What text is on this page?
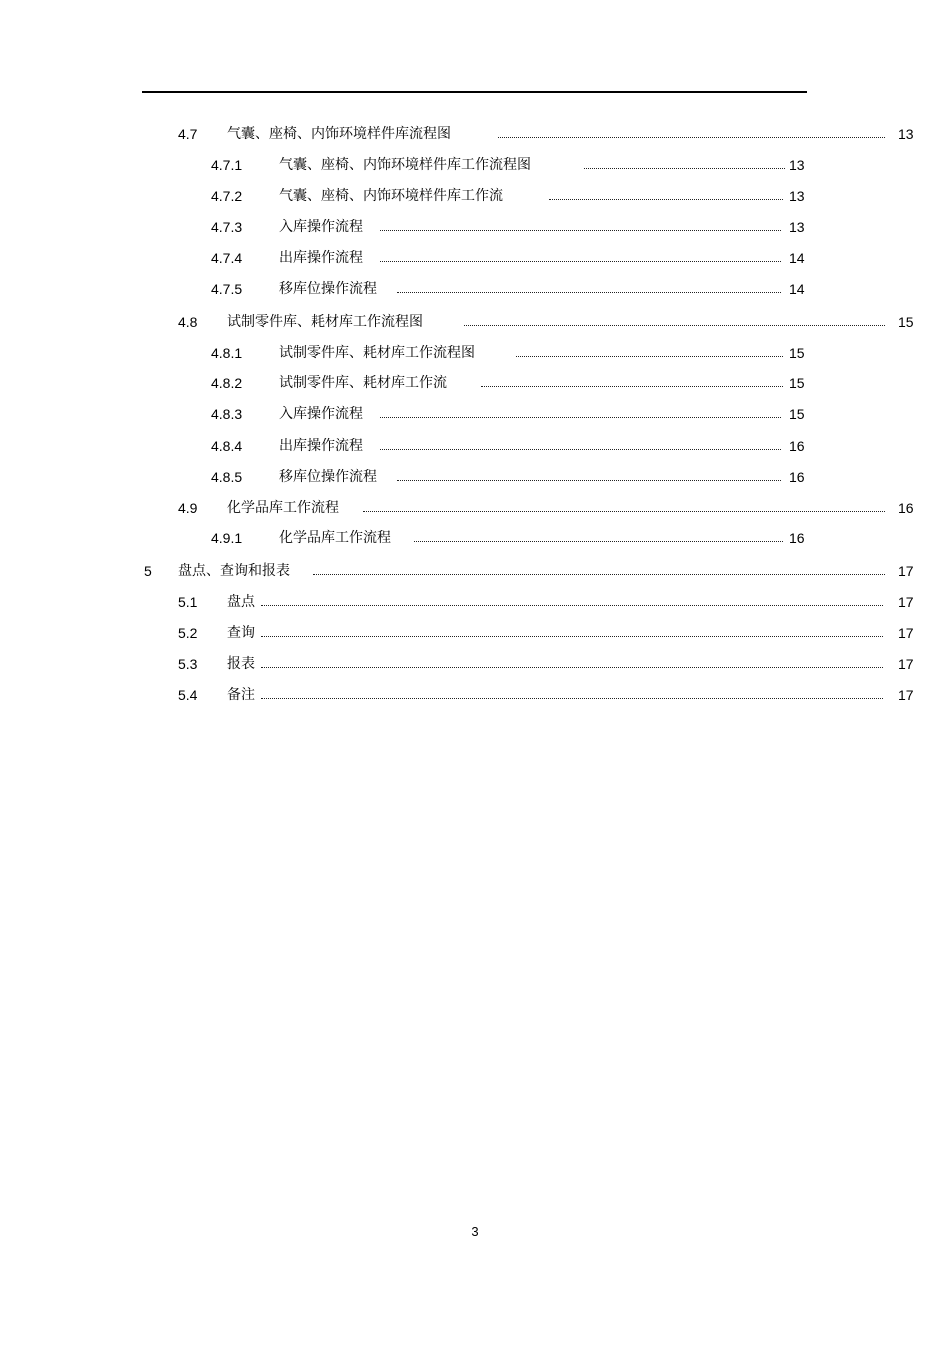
4.7 气囊、座椅、内饰环境样件库流程图	13
4.7.1	气囊、座椅、内饰环境样件库工作流程图	13
4.7.2	气囊、座椅、内饰环境样件库工作流	13
4.7.3	入库操作流程	13
4.7.4	出库操作流程	14
4.7.5	移库位操作流程	14
4.8 试制零件库、耗材库工作流程图	15
4.8.1	试制零件库、耗材库工作流程图	15
4.8.2	试制零件库、耗材库工作流	15
4.8.3	入库操作流程	15
4.8.4	出库操作流程	16
4.8.5	移库位操作流程	16
4.9 化学品库工作流程	16
4.9.1	化学品库工作流程	16
5 盘点、查询和报表	17
5.1 盘点	17
5.2 查询	17
5.3 报表	17
5.4 备注	17
3
